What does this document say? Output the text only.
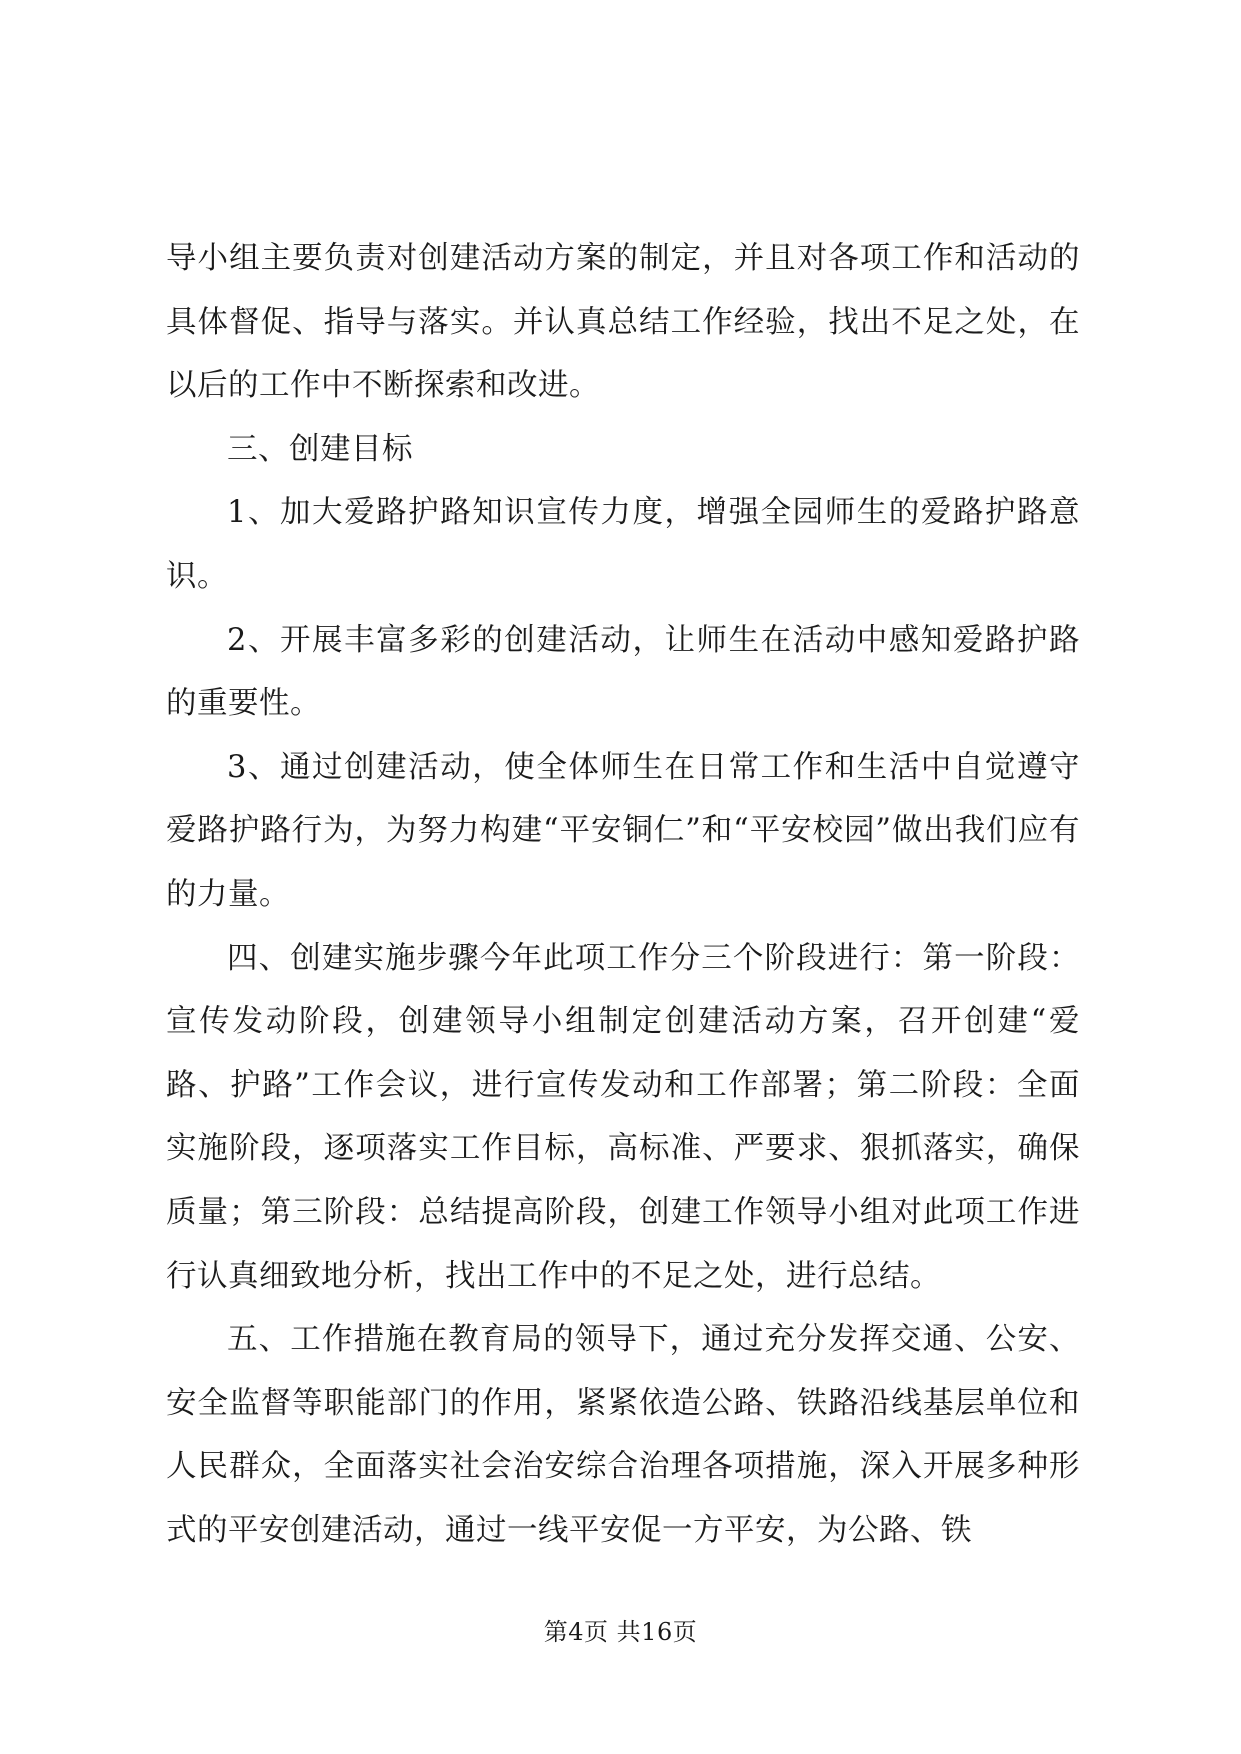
导小组主要负责对创建活动方案的制定，并且对各项工作和活动的具体督促、指导与落实。并认真总结工作经验，找出不足之处，在以后的工作中不断探索和改进。

三、创建目标

1、加大爱路护路知识宣传力度，增强全园师生的爱路护路意识。

2、开展丰富多彩的创建活动，让师生在活动中感知爱路护路的重要性。

3、通过创建活动，使全体师生在日常工作和生活中自觉遵守爱路护路行为，为努力构建“平安铜仁”和“平安校园”做出我们应有的力量。

四、创建实施步骤今年此项工作分三个阶段进行：第一阶段：宣传发动阶段，创建领导小组制定创建活动方案，召开创建“爱路、护路”工作会议，进行宣传发动和工作部署；第二阶段：全面实施阶段，逐项落实工作目标，高标准、严要求、狠抓落实，确保质量；第三阶段：总结提高阶段，创建工作领导小组对此项工作进行认真细致地分析，找出工作中的不足之处，进行总结。

五、工作措施在教育局的领导下，通过充分发挥交通、公安、安全监督等职能部门的作用，紧紧依造公路、铁路沿线基层单位和人民群众，全面落实社会治安综合治理各项措施，深入开展多种形式的平安创建活动，通过一线平安促一方平安，为公路、铁

第4页 共16页
